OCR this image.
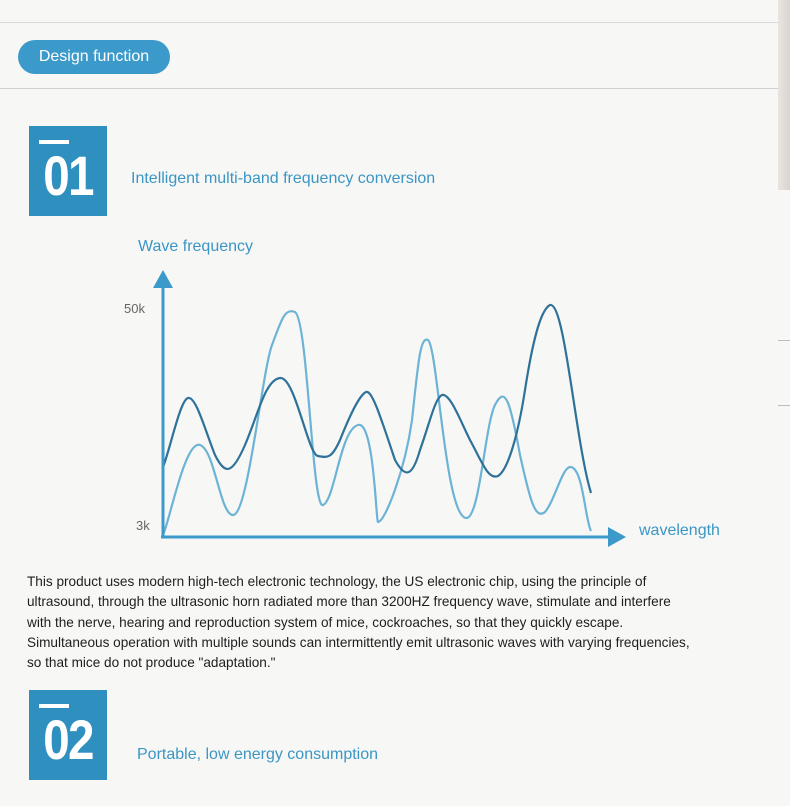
Design function
01	Intelligent multi-band frequency conversion
Wave frequency
50k
3k	wavelength

This product uses modern high-tech electronic technology, the US electronic chip, using the principle of

ultrasound, through the ultrasonic horn radiated more than 3200HZ frequency wave, stimulate and interfere

with the nerve, hearing and reproduction system of mice, cockroaches, so that they quickly escape.

Simultaneous operation with multiple sounds can intermittently emit ultrasonic waves with varying frequencies,

so that mice do not produce "adaptation."

02	Portable, low energy consumption
